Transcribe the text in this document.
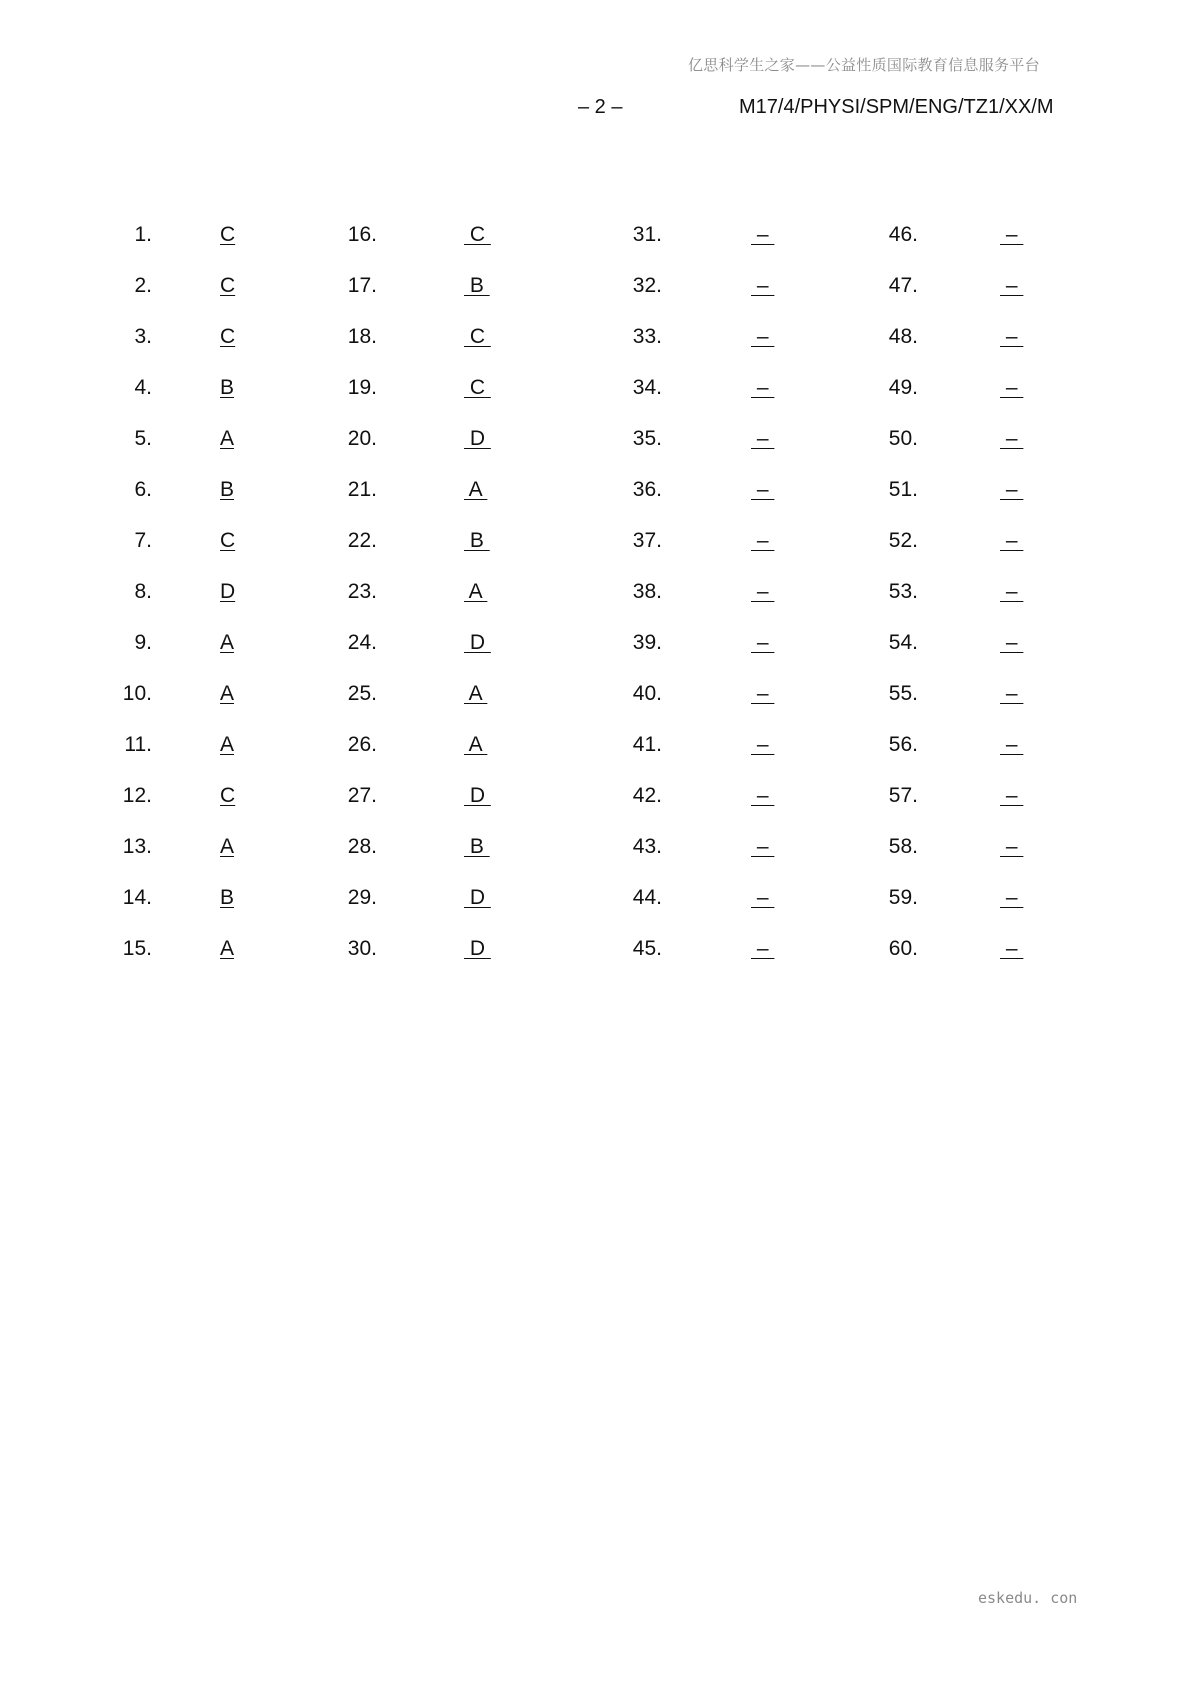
亿思科学生之家——公益性质国际教育信息服务平台
– 2 –	M17/4/PHYSI/SPM/ENG/TZ1/XX/M
1.	C	16.	C	31.	–	46.	–
2.	C	17.	B	32.	–	47.	–
3.	C	18.	C	33.	–	48.	–
4.	B	19.	C	34.	–	49.	–
5.	A	20.	D	35.	–	50.	–
6.	B	21.	A	36.	–	51.	–
7.	C	22.	B	37.	–	52.	–
8.	D	23.	A	38.	–	53.	–
9.	A	24.	D	39.	–	54.	–
10.	A	25.	A	40.	–	55.	–
11.	A	26.	A	41.	–	56.	–
12.	C	27.	D	42.	–	57.	–
13.	A	28.	B	43.	–	58.	–
14.	B	29.	D	44.	–	59.	–
15.	A	30.	D	45.	–	60.	–
eskedu. con
